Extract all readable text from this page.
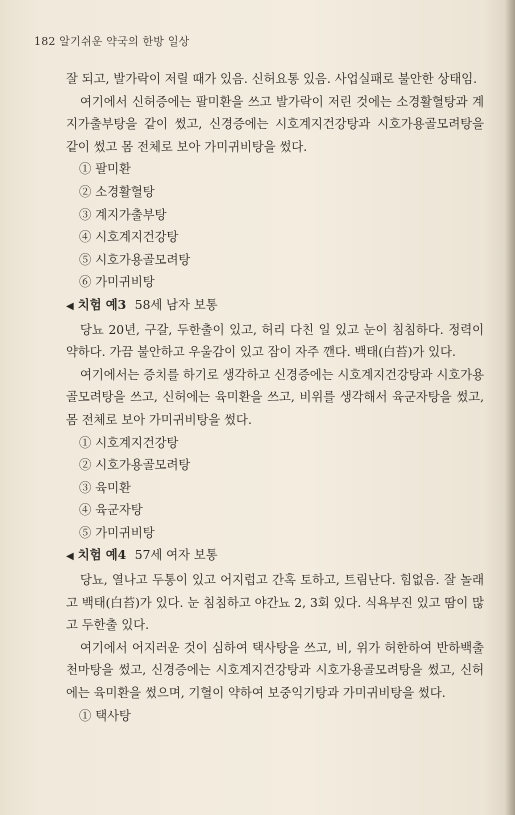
182 알기쉬운 약국의 한방 일상

잘 되고, 발가락이 저릴 때가 있음. 신허요통 있음. 사업실패로 불안한 상태임.

여기에서 신허증에는 팔미환을 쓰고 발가락이 저린 것에는 소경활혈탕과 계지가출부탕을 같이 썼고, 신경증에는 시호계지건강탕과 시호가용골모려탕을 같이 썼고 몸 전체로 보아 가미귀비탕을 썼다.

① 팔미환

② 소경활혈탕

③ 계지가출부탕

④ 시호계지건강탕

⑤ 시호가용골모려탕

⑥ 가미귀비탕

◀ 치험 예3 58세 남자 보통

당뇨 20년, 구갈, 두한출이 있고, 허리 다친 일 있고 눈이 침침하다. 정력이 약하다. 가끔 불안하고 우울감이 있고 잠이 자주 깬다. 백태(白苔)가 있다.

여기에서는 증치를 하기로 생각하고 신경증에는 시호계지건강탕과 시호가용골모려탕을 쓰고, 신허에는 육미환을 쓰고, 비위를 생각해서 육군자탕을 썼고, 몸 전체로 보아 가미귀비탕을 썼다.

① 시호계지건강탕

② 시호가용골모려탕

③ 육미환

④ 육군자탕

⑤ 가미귀비탕

◀ 치험 예4 57세 여자 보통

당뇨, 열나고 두통이 있고 어지럽고 간혹 토하고, 트림난다. 힘없음. 잘 놀래고 백태(白苔)가 있다. 눈 침침하고 야간뇨 2, 3회 있다. 식욕부진 있고 땀이 많고 두한출 있다.

여기에서 어지러운 것이 심하여 택사탕을 쓰고, 비, 위가 허한하여 반하백출천마탕을 썼고, 신경증에는 시호계지건강탕과 시호가용골모려탕을 썼고, 신허에는 육미환을 썼으며, 기혈이 약하여 보중익기탕과 가미귀비탕을 썼다.

① 택사탕
